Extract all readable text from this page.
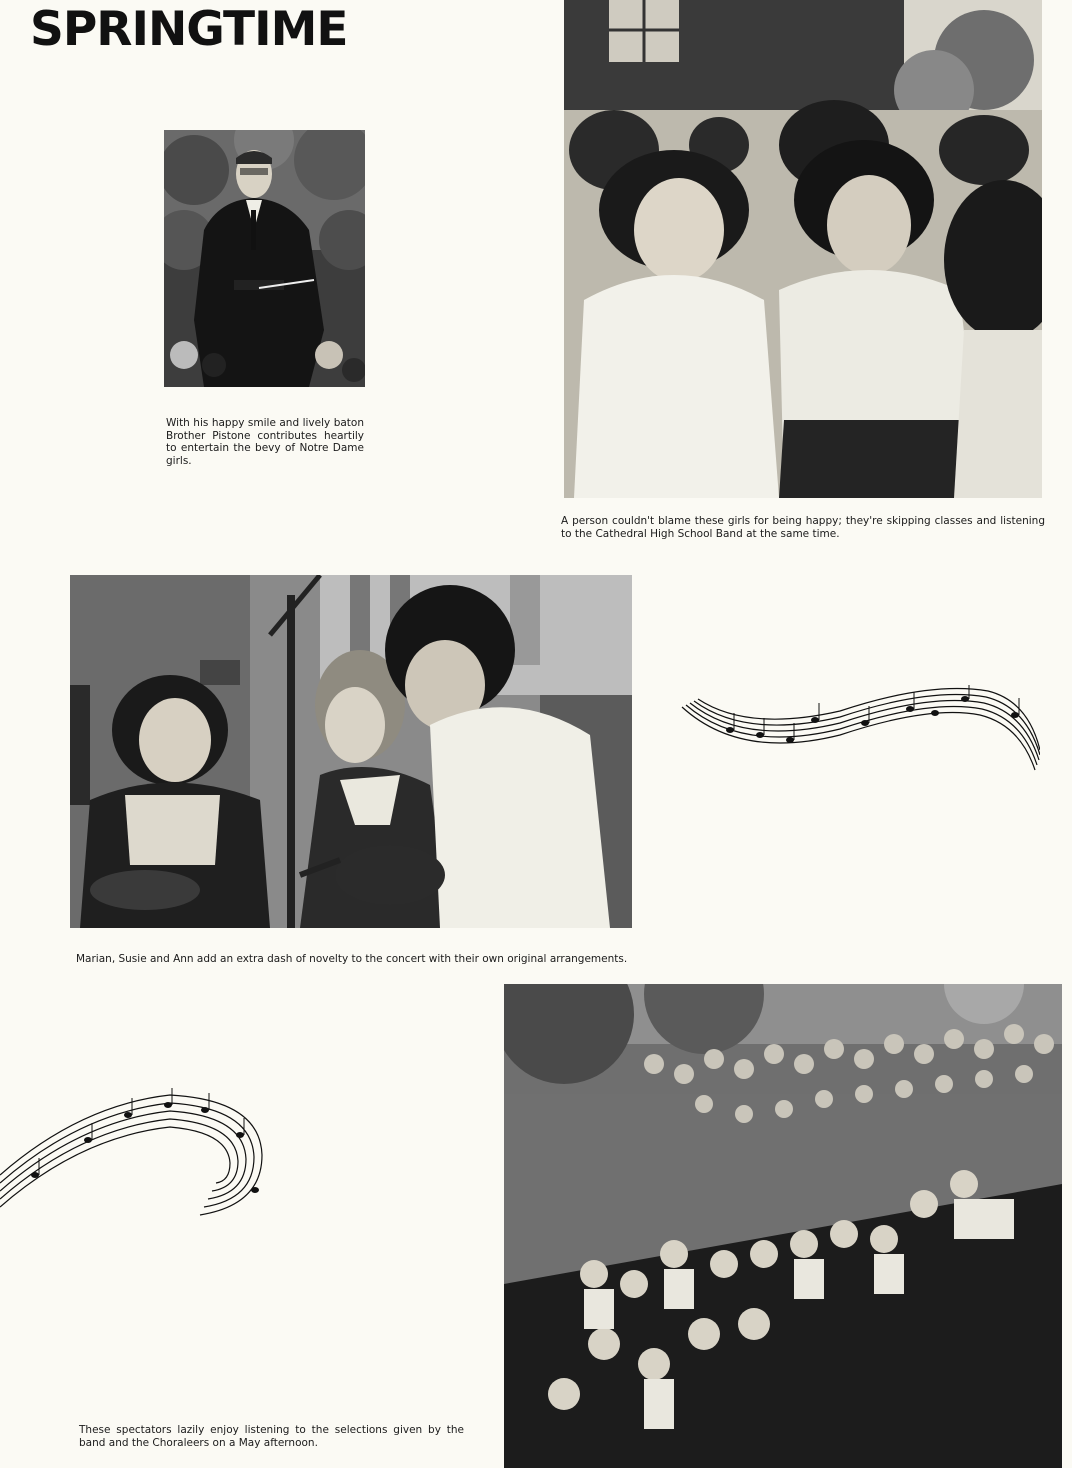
SPRINGTIME
With his happy smile and lively baton Brother Pistone contributes heartily to entertain the bevy of Notre Dame girls.
A person couldn't blame these girls for being happy; they're skipping classes and listening to the Cathedral High School Band at the same time.
Marian, Susie and Ann add an extra dash of novelty to the concert with their own original arrangements.
These spectators lazily enjoy listening to the selections given by the band and the Choraleers on a May afternoon.
